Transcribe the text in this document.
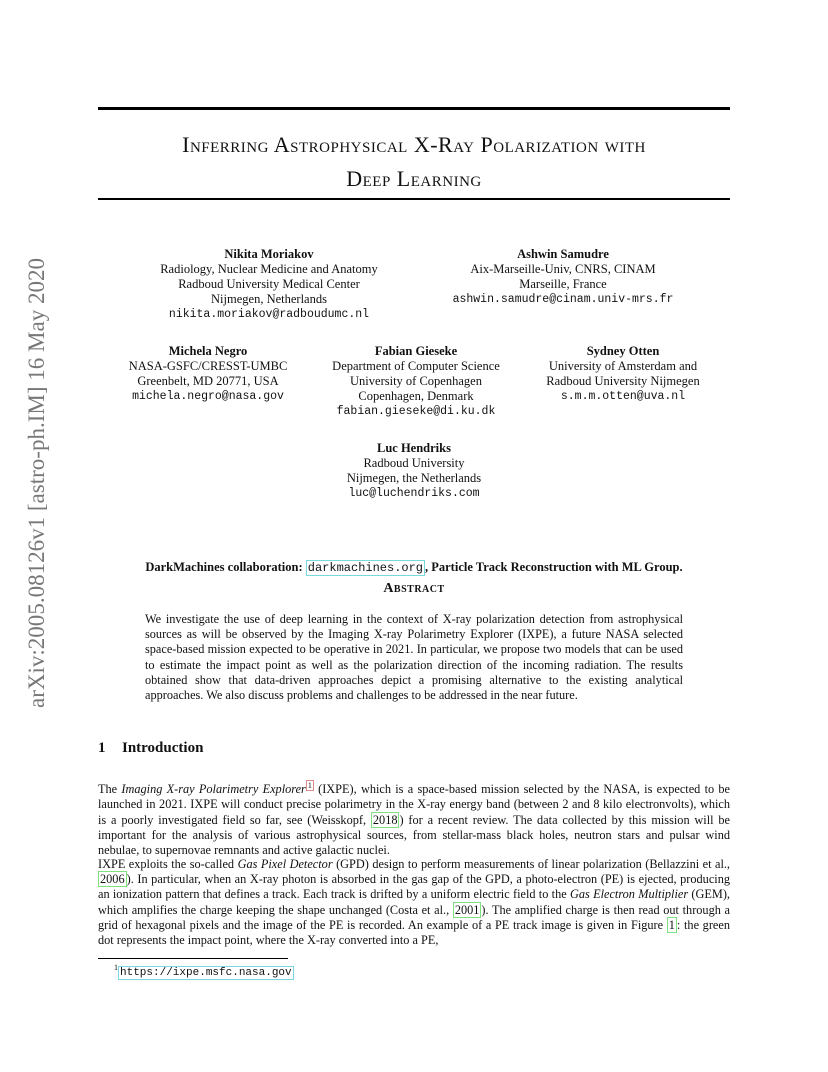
arXiv:2005.08126v1 [astro-ph.IM] 16 May 2020
Inferring Astrophysical X-Ray Polarization with
Deep Learning
Nikita Moriakov
Radiology, Nuclear Medicine and Anatomy
Radboud University Medical Center
Nijmegen, Netherlands
nikita.moriakov@radboudumc.nl
Ashwin Samudre
Aix-Marseille-Univ, CNRS, CINAM
Marseille, France
ashwin.samudre@cinam.univ-mrs.fr
Michela Negro
NASA-GSFC/CRESST-UMBC
Greenbelt, MD 20771, USA
michela.negro@nasa.gov
Fabian Gieseke
Department of Computer Science
University of Copenhagen
Copenhagen, Denmark
fabian.gieseke@di.ku.dk
Sydney Otten
University of Amsterdam and
Radboud University Nijmegen
s.m.m.otten@uva.nl
Luc Hendriks
Radboud University
Nijmegen, the Netherlands
luc@luchendriks.com
DarkMachines collaboration: darkmachines.org , Particle Track Reconstruction with ML Group.
Abstract

We investigate the use of deep learning in the context of X-ray polarization detection from astrophysical sources as will be observed by the Imaging X-ray Polarimetry Explorer (IXPE), a future NASA selected space-based mission expected to be operative in 2021. In particular, we propose two models that can be used to estimate the impact point as well as the polarization direction of the incoming radiation. The results obtained show that data-driven approaches depict a promising alternative to the existing analytical approaches. We also discuss problems and challenges to be addressed in the near future.

1 Introduction

The Imaging X-ray Polarimetry Explorer $^1$ (IXPE), which is a space-based mission selected by the NASA, is expected to be launched in 2021. IXPE will conduct precise polarimetry in the X-ray energy band (between 2 and 8 kilo electronvolts), which is a poorly investigated field so far, see (Weisskopf, 2018 ) for a recent review. The data collected by this mission will be important for the analysis of various astrophysical sources, from stellar-mass black holes, neutron stars and pulsar wind nebulae, to supernovae remnants and active galactic nuclei.

IXPE exploits the so-called Gas Pixel Detector (GPD) design to perform measurements of linear polarization (Bellazzini et al., 2006 ). In particular, when an X-ray photon is absorbed in the gas gap of the GPD, a photo-electron (PE) is ejected, producing an ionization pattern that defines a track. Each track is drifted by a uniform electric field to the Gas Electron Multiplier (GEM), which amplifies the charge keeping the shape unchanged (Costa et al., 2001 ). The amplified charge is then read out through a grid of hexagonal pixels and the image of the PE is recorded. An example of a PE track image is given in Figure 1 : the green dot represents the impact point, where the X-ray converted into a PE,

$^1$ https://ixpe.msfc.nasa.gov
